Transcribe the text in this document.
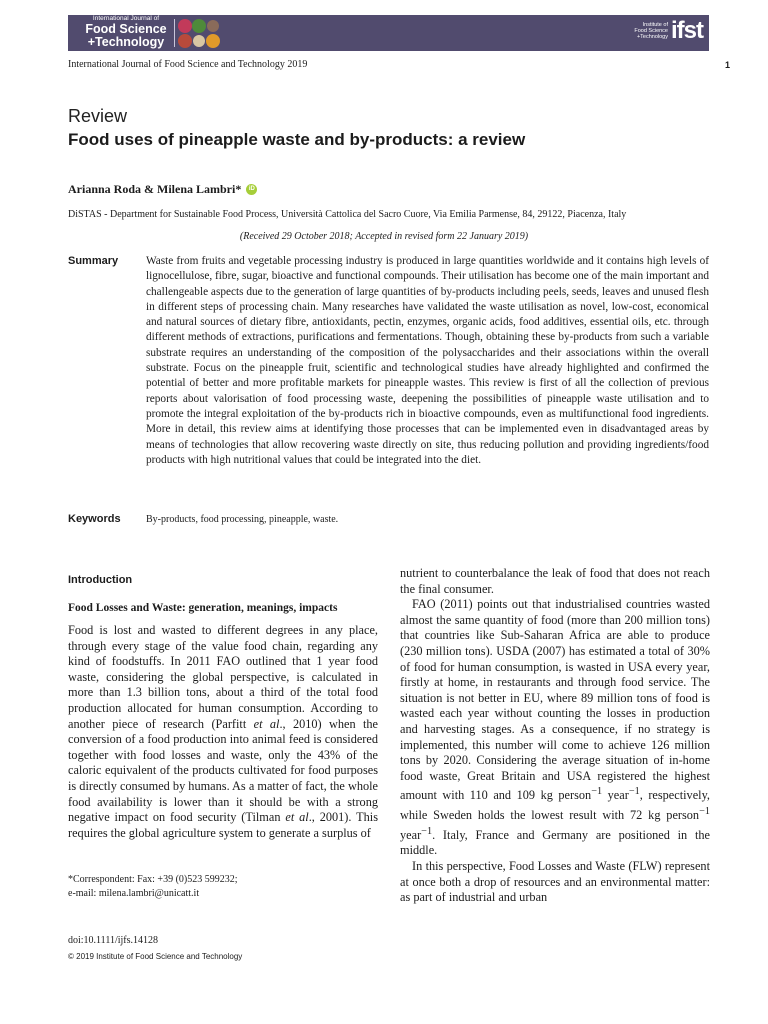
International Journal of
Food Science
+Technology
Institute of
Food Science
+Technology ifst
International Journal of Food Science and Technology 2019	1
Review
Food uses of pineapple waste and by-products: a review
Arianna Roda & Milena Lambri*	iD
DiSTAS - Department for Sustainable Food Process, Università Cattolica del Sacro Cuore, Via Emilia Parmense, 84, 29122, Piacenza, Italy
(Received 29 October 2018; Accepted in revised form 22 January 2019)
Summary Waste from fruits and vegetable processing industry is produced in large quantities worldwide and it contains high levels of lignocellulose, fibre, sugar, bioactive and functional compounds. Their utilisation has become one of the main important and challengeable aspects due to the generation of large quantities of by-products including peels, seeds, leaves and unused flesh in different steps of processing chain. Many researches have validated the waste utilisation as novel, low-cost, economical and natural sources of dietary fibre, antioxidants, pectin, enzymes, organic acids, food additives, essential oils, etc. through different methods of extractions, purifications and fermentations. Though, obtaining these by-products from such a variable substrate requires an understanding of the composition of the polysaccharides and their associations within the overall substrate. Focus on the pineapple fruit, scientific and technological studies have already highlighted and confirmed the potential of better and more profitable markets for pineapple wastes. This review is first of all the collection of previous reports about valorisation of food processing waste, deepening the possibilities of pineapple waste utilisation and to promote the integral exploitation of the by-products rich in bioactive compounds, even as multifunctional food ingredients. More in detail, this review aims at identifying those processes that can be implemented even in disadvantaged areas by means of technologies that allow recovering waste directly on site, thus reducing pollution and providing ingredients/food products with high nutritional values that could be integrated into the diet.

Keywords	By-products, food processing, pineapple, waste.
Introduction
Food Losses and Waste: generation, meanings, impacts

Food is lost and wasted to different degrees in any place, through every stage of the value food chain, regarding any kind of foodstuffs. In 2011 FAO outlined that 1 year food waste, considering the global perspective, is calculated in more than 1.3 billion tons, about a third of the total food production allocated for human consumption. According to another piece of research (Parfitt et al., 2010) when the conversion of a food production into animal feed is considered together with food losses and waste, only the 43% of the caloric equivalent of the products cultivated for food purposes is directly consumed by humans. As a matter of fact, the whole food availability is lower than it should be with a strong negative impact on food security (Tilman et al., 2001). This requires the global agriculture system to generate a surplus of

nutrient to counterbalance the leak of food that does not reach the final consumer.

FAO (2011) points out that industrialised countries wasted almost the same quantity of food (more than 200 million tons) that countries like Sub-Saharan Africa are able to produce (230 million tons). USDA (2007) has estimated a total of 30% of food for human consumption, is wasted in USA every year, firstly at home, in restaurants and through food service. The situation is not better in EU, where 89 million tons of food is wasted each year without counting the losses in production and harvesting stages. As a consequence, if no strategy is implemented, this number will come to achieve 126 million tons by 2020. Considering the average situation of in-home food waste, Great Britain and USA registered the highest amount with 110 and 109 kg person$^{-1}$ year$^{-1}$, respectively, while Sweden holds the lowest result with 72 kg person$^{-1}$ year$^{-1}$. Italy, France and Germany are positioned in the middle.

In this perspective, Food Losses and Waste (FLW) represent at once both a drop of resources and an environmental matter: as part of industrial and urban

*Correspondent: Fax: +39 (0)523 599232;
e-mail: milena.lambri@unicatt.it
doi:10.1111/ijfs.14128
© 2019 Institute of Food Science and Technology
